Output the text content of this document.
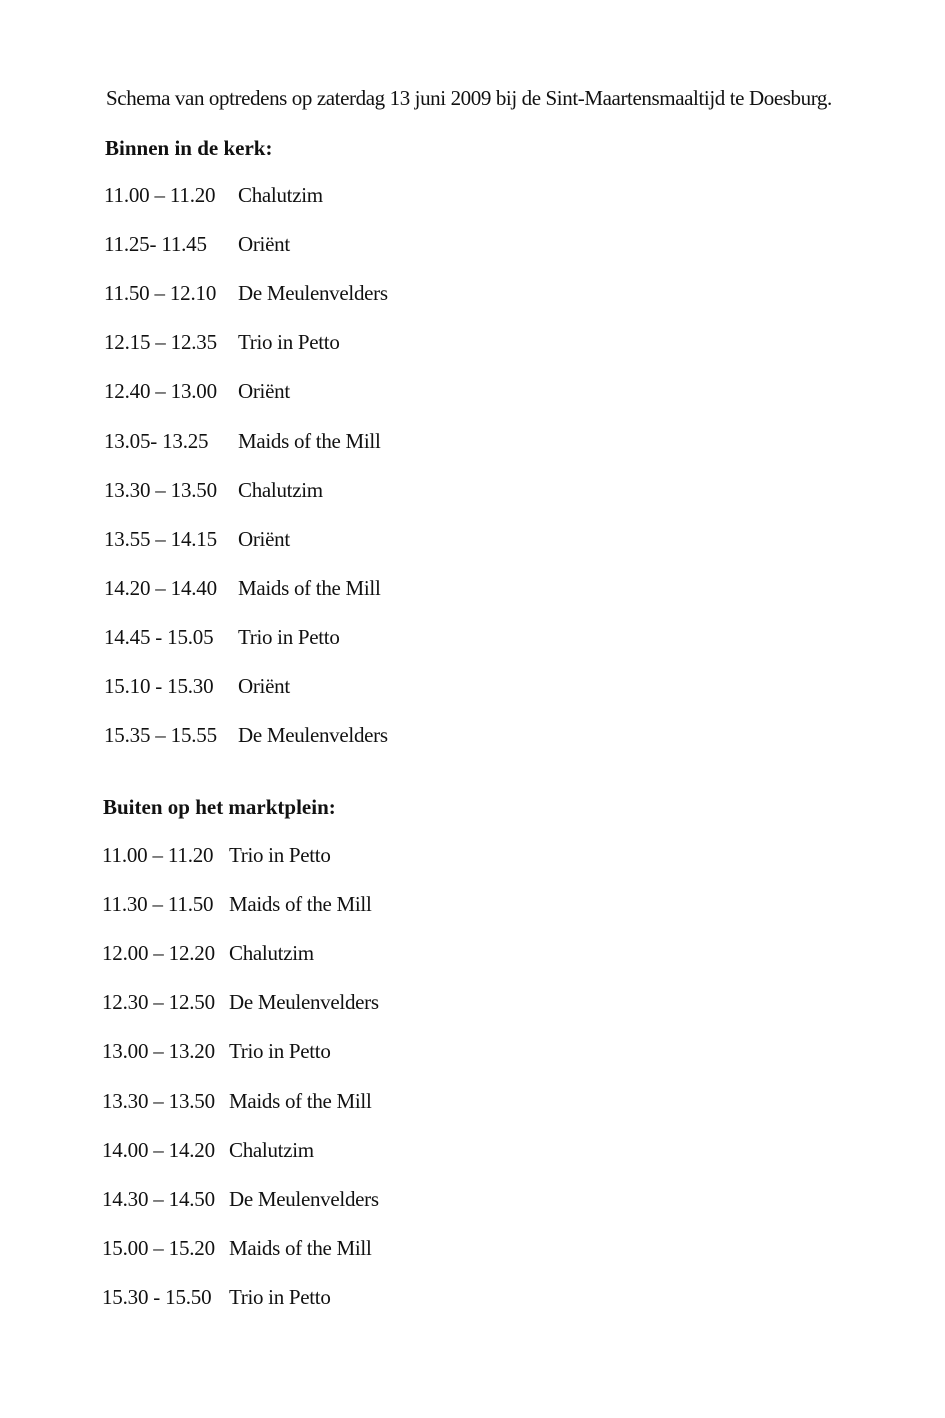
Schema van optredens op zaterdag 13 juni 2009 bij de Sint-Maartensmaaltijd te Doesburg.
Binnen in de kerk:
11.00 – 11.20 Chalutzim
11.25- 11.45 Oriënt
11.50 – 12.10 De Meulenvelders
12.15 – 12.35 Trio in Petto
12.40 – 13.00 Oriënt
13.05- 13.25 Maids of the Mill
13.30 – 13.50 Chalutzim
13.55 – 14.15 Oriënt
14.20 – 14.40 Maids of the Mill
14.45 - 15.05 Trio in Petto
15.10 - 15.30 Oriënt
15.35 – 15.55 De Meulenvelders
Buiten op het marktplein:
11.00 – 11.20 Trio in Petto
11.30 – 11.50 Maids of the Mill
12.00 – 12.20 Chalutzim
12.30 – 12.50 De Meulenvelders
13.00 – 13.20 Trio in Petto
13.30 – 13.50 Maids of the Mill
14.00 – 14.20 Chalutzim
14.30 – 14.50 De Meulenvelders
15.00 – 15.20 Maids of the Mill
15.30 - 15.50 Trio in Petto
